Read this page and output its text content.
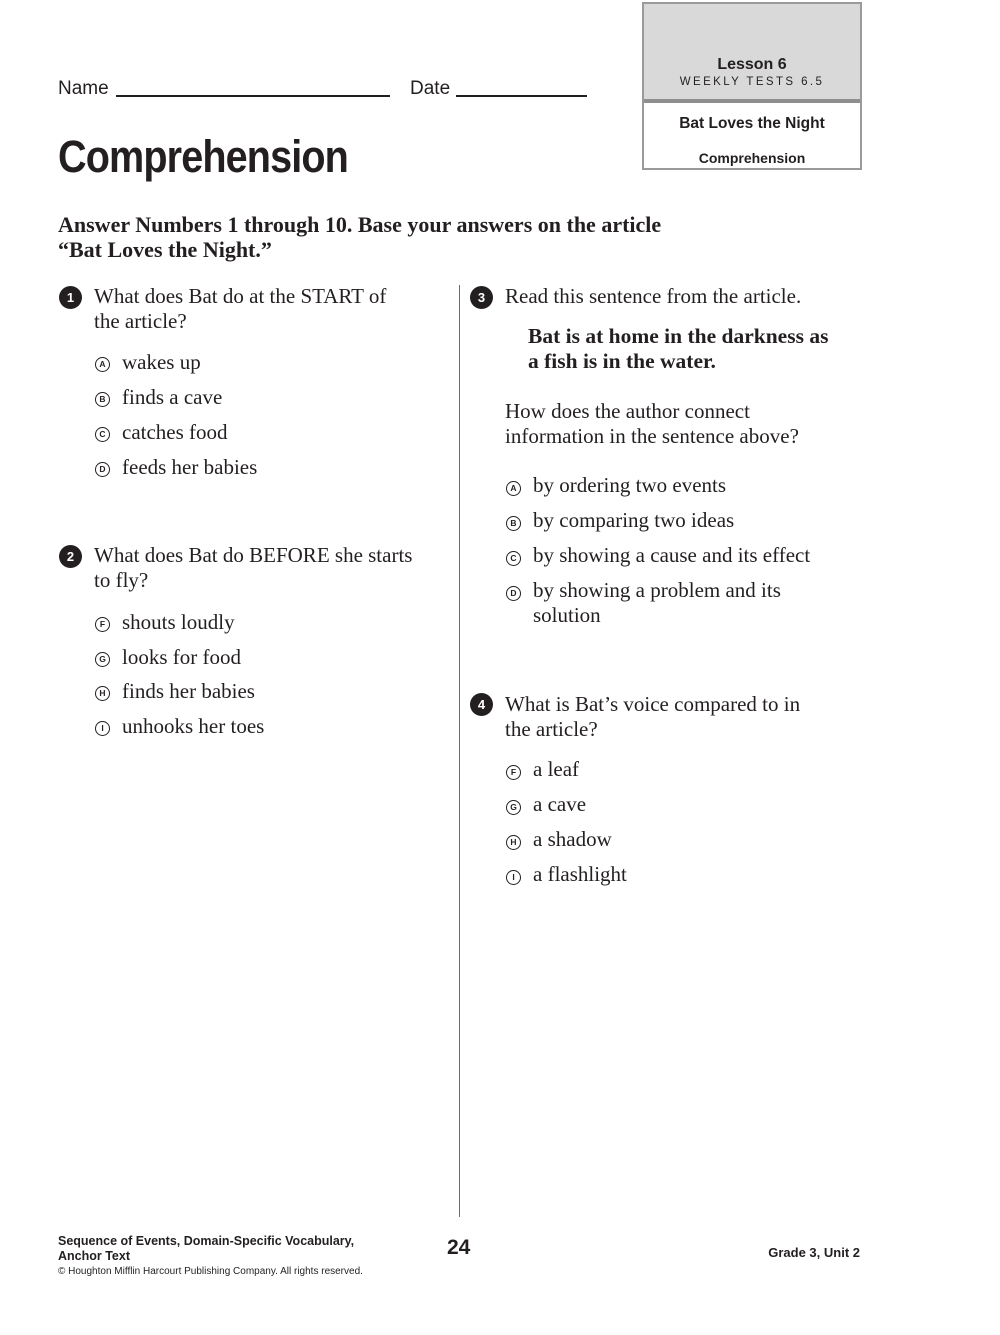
Name	Date
Lesson 6
WEEKLY TESTS 6.5
Bat Loves the Night
Comprehension
Comprehension
Answer Numbers 1 through 10. Base your answers on the article
“Bat Loves the Night.”
1 What does Bat do at the START of
the article?
A wakes up
B finds a cave
C catches food
D feeds her babies
2 What does Bat do BEFORE she starts
to fly?
F shouts loudly
G looks for food
H finds her babies
I unhooks her toes
3 Read this sentence from the article.
Bat is at home in the darkness as
a fish is in the water.
How does the author connect
information in the sentence above?
A by ordering two events
B by comparing two ideas
C by showing a cause and its effect
D by showing a problem and its
solution
4 What is Bat’s voice compared to in
the article?
F a leaf
G a cave
H a shadow
I a flashlight
Sequence of Events, Domain-Specific Vocabulary,
Anchor Text
© Houghton Mifflin Harcourt Publishing Company. All rights reserved.
24	Grade 3, Unit 2
